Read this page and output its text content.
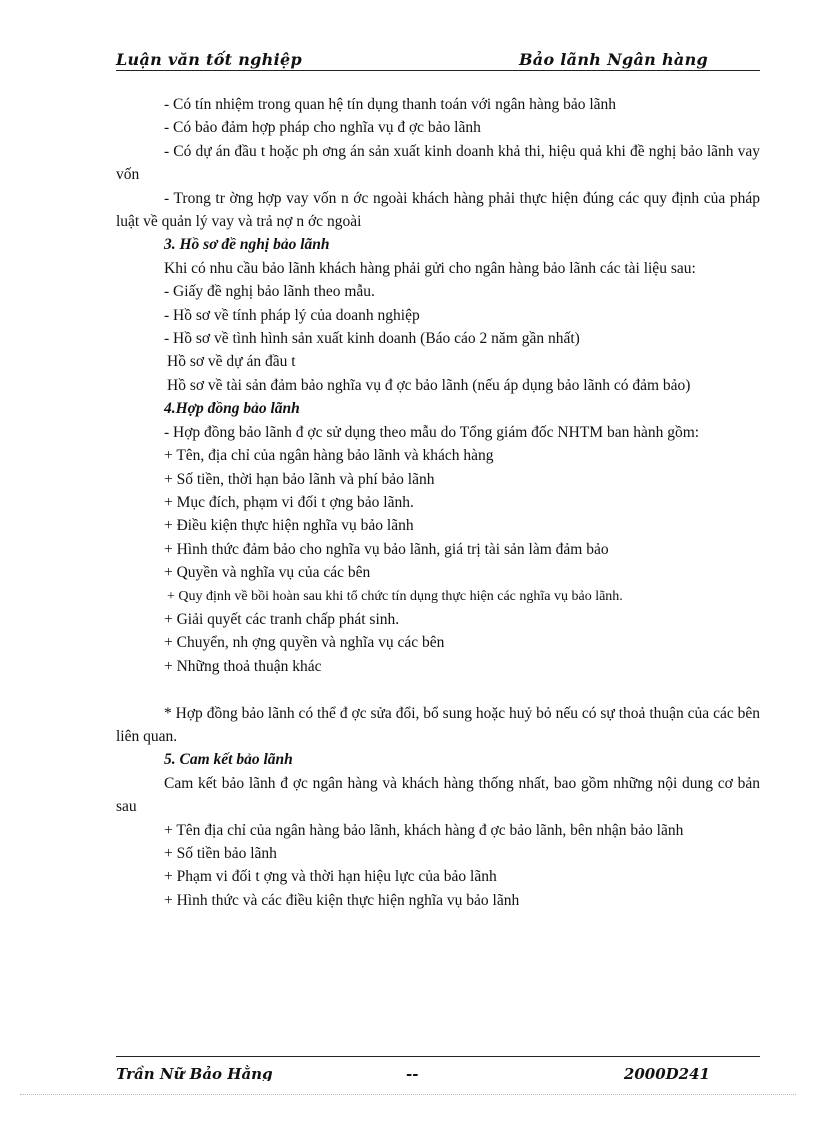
Luận văn tốt nghiệp	Bảo lãnh Ngân hàng

- Có tín nhiệm trong quan hệ tín dụng thanh toán với ngân hàng bảo lãnh

- Có bảo đảm hợp pháp cho nghĩa vụ đ ợc bảo lãnh

- Có dự án đầu t hoặc ph ơng án sản xuất kinh doanh khả thi, hiệu quả khi đề nghị bảo lãnh vay vốn

- Trong tr ờng hợp vay vốn n ớc ngoài khách hàng phải thực hiện đúng các quy định của pháp luật về quản lý vay và trả nợ n ớc ngoài

3. Hồ sơ đề nghị bảo lãnh

Khi có nhu cầu bảo lãnh khách hàng phải gửi cho ngân hàng bảo lãnh các tài liệu sau:

- Giấy đề nghị bảo lãnh theo mẫu.

- Hồ sơ về tính pháp lý của doanh nghiệp

- Hồ sơ về tình hình sản xuất kinh doanh (Báo cáo 2 năm gần nhất)

Hồ sơ về dự án đầu t

Hồ sơ về tài sản đảm bảo nghĩa vụ đ ợc bảo lãnh (nếu áp dụng bảo lãnh có đảm bảo)

4.Hợp đồng bảo lãnh

- Hợp đồng bảo lãnh đ ợc sử dụng theo mẫu do Tổng giám đốc NHTM ban hành gồm:

+ Tên, địa chỉ của ngân hàng bảo lãnh và khách hàng

+ Số tiền, thời hạn bảo lãnh và phí bảo lãnh

+ Mục đích, phạm vi đối t ợng bảo lãnh.

+ Điều kiện thực hiện nghĩa vụ bảo lãnh

+ Hình thức đảm bảo cho nghĩa vụ bảo lãnh, giá trị tài sản làm đảm bảo

+ Quyền và nghĩa vụ của các bên

+ Quy định về bồi hoàn sau khi tổ chức tín dụng thực hiện các nghĩa vụ bảo lãnh.

+ Giải quyết các tranh chấp phát sinh.

+ Chuyển, nh ợng quyền và nghĩa vụ các bên

+ Những thoả thuận khác

* Hợp đồng bảo lãnh có thể đ ợc sửa đổi, bổ sung hoặc huỷ bỏ nếu có sự thoả thuận của các bên liên quan.

5. Cam kết bảo lãnh

Cam kết bảo lãnh đ ợc ngân hàng và khách hàng thống nhất, bao gồm những nội dung cơ bản sau

+ Tên địa chỉ của ngân hàng bảo lãnh, khách hàng đ ợc bảo lãnh, bên nhận bảo lãnh

+ Số tiền bảo lãnh

+ Phạm vi đối t ợng và thời hạn hiệu lực của bảo lãnh

+ Hình thức và các điều kiện thực hiện nghĩa vụ bảo lãnh

Trần Nữ Bảo Hằng	--	2000D241
